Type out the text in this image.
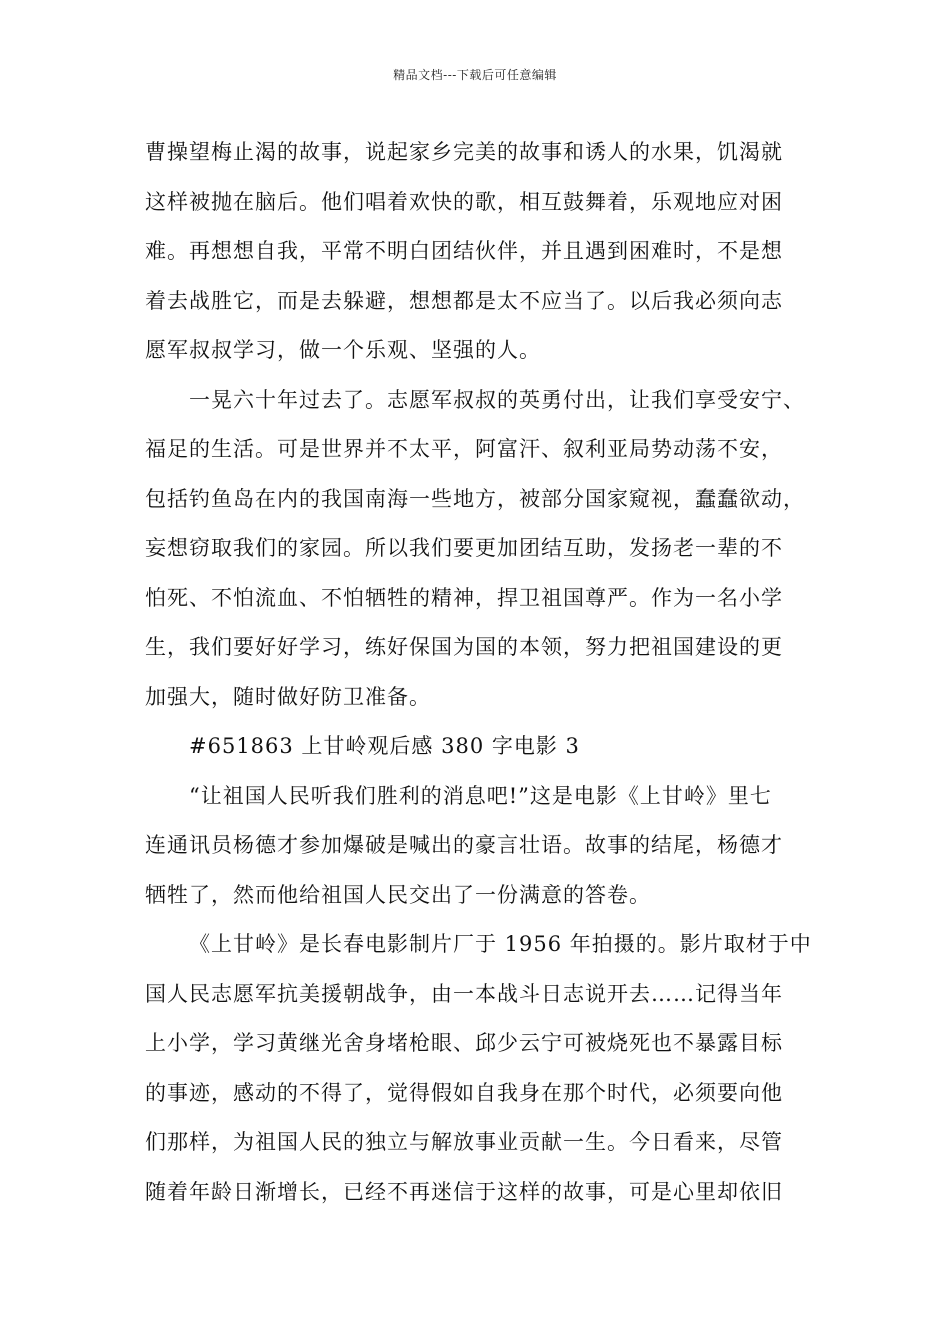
精品文档---下载后可任意编辑
曹操望梅止渴的故事，说起家乡完美的故事和诱人的水果，饥渴就
这样被抛在脑后。他们唱着欢快的歌，相互鼓舞着，乐观地应对困
难。再想想自我，平常不明白团结伙伴，并且遇到困难时，不是想
着去战胜它，而是去躲避，想想都是太不应当了。以后我必须向志
愿军叔叔学习，做一个乐观、坚强的人。
一晃六十年过去了。志愿军叔叔的英勇付出，让我们享受安宁、
福足的生活。可是世界并不太平，阿富汗、叙利亚局势动荡不安，
包括钓鱼岛在内的我国南海一些地方，被部分国家窥视，蠢蠢欲动，
妄想窃取我们的家园。所以我们要更加团结互助，发扬老一辈的不
怕死、不怕流血、不怕牺牲的精神，捍卫祖国尊严。作为一名小学
生，我们要好好学习，练好保国为国的本领，努力把祖国建设的更
加强大，随时做好防卫准备。
#651863 上甘岭观后感 380 字电影 3
“让祖国人民听我们胜利的消息吧!”这是电影《上甘岭》里七
连通讯员杨德才参加爆破是喊出的豪言壮语。故事的结尾，杨德才
牺牲了，然而他给祖国人民交出了一份满意的答卷。
《上甘岭》是长春电影制片厂于 1956 年拍摄的。影片取材于中
国人民志愿军抗美援朝战争，由一本战斗日志说开去……记得当年
上小学，学习黄继光舍身堵枪眼、邱少云宁可被烧死也不暴露目标
的事迹，感动的不得了，觉得假如自我身在那个时代，必须要向他
们那样，为祖国人民的独立与解放事业贡献一生。今日看来，尽管
随着年龄日渐增长，已经不再迷信于这样的故事，可是心里却依旧
